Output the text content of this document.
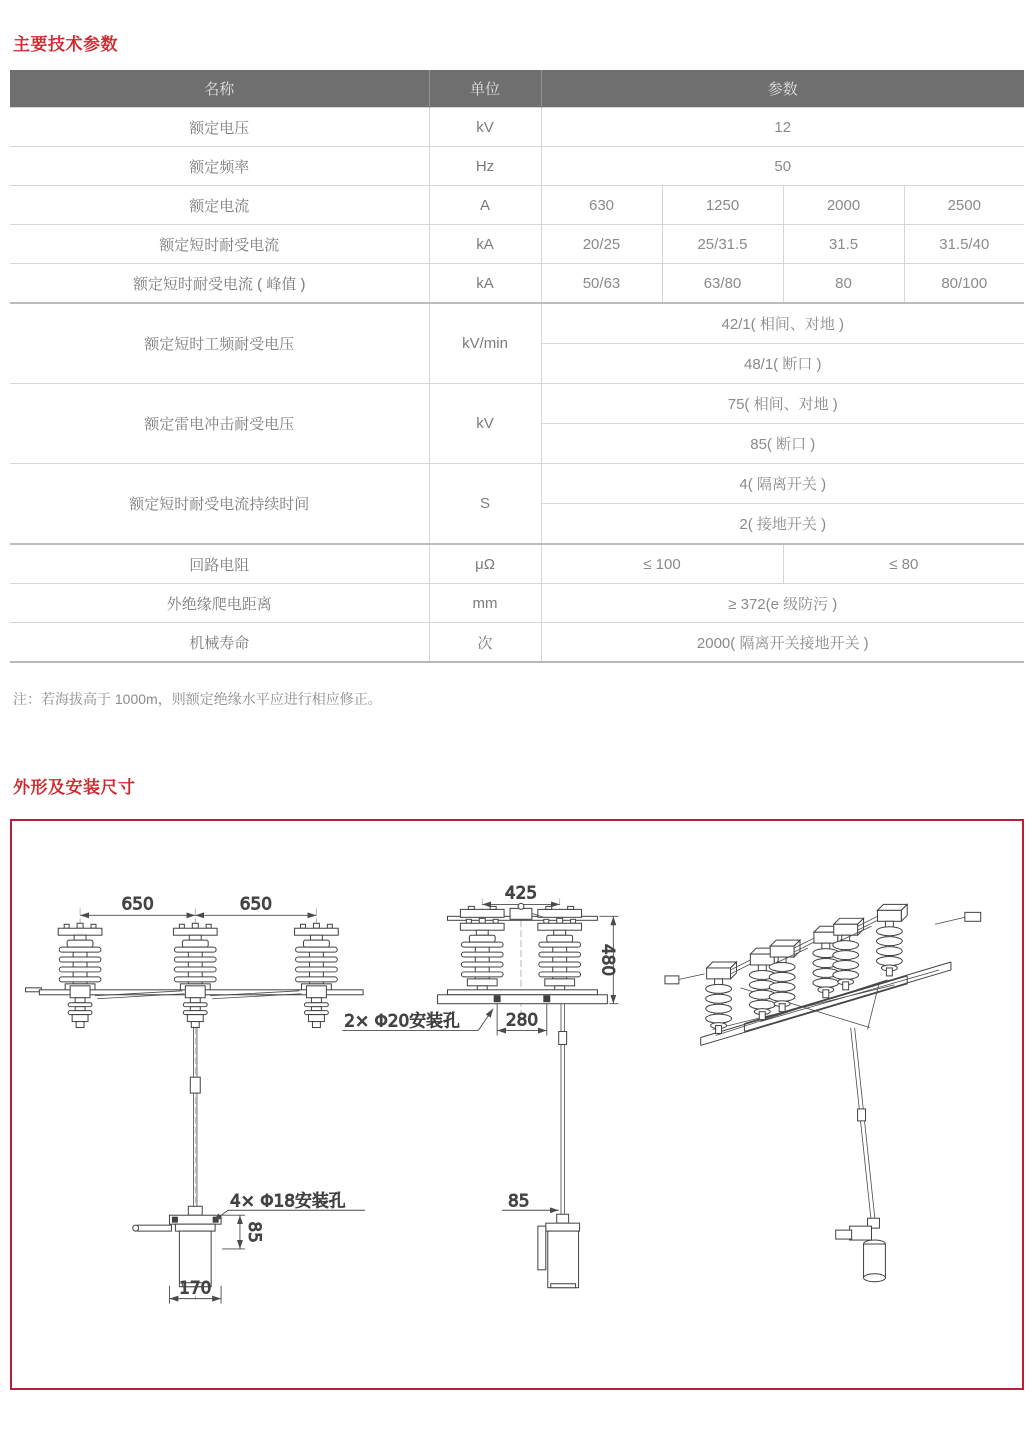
主要技术参数
名称	单位	参数			
额定电压	kV	12			
额定频率	Hz	50			
额定电流	A	630	1250	2000	2500
额定短时耐受电流	kA	20/25	25/31.5	31.5	31.5/40
额定短时耐受电流 ( 峰值 )	kA	50/63	63/80	80	80/100
额定短时工频耐受电压	kV/min	42/1( 相间、对地 )			
		48/1( 断口 )			
额定雷电冲击耐受电压	kV	75( 相间、对地 )			
		85( 断口 )			
额定短时耐受电流持续时间	S	4( 隔离开关 )			
		2( 接地开关 )			
回路电阻	μΩ	≤ 100		≤ 80	
外绝缘爬电距离	mm	≥ 372(e 级防污 )			
机械寿命	次	2000( 隔离开关接地开关 )			
注：若海拔高于 1000m，则额定绝缘水平应进行相应修正。
外形及安装尺寸
650	650
4× Φ18安装孔
85
170
425
480
280
2× Φ20安装孔
85
